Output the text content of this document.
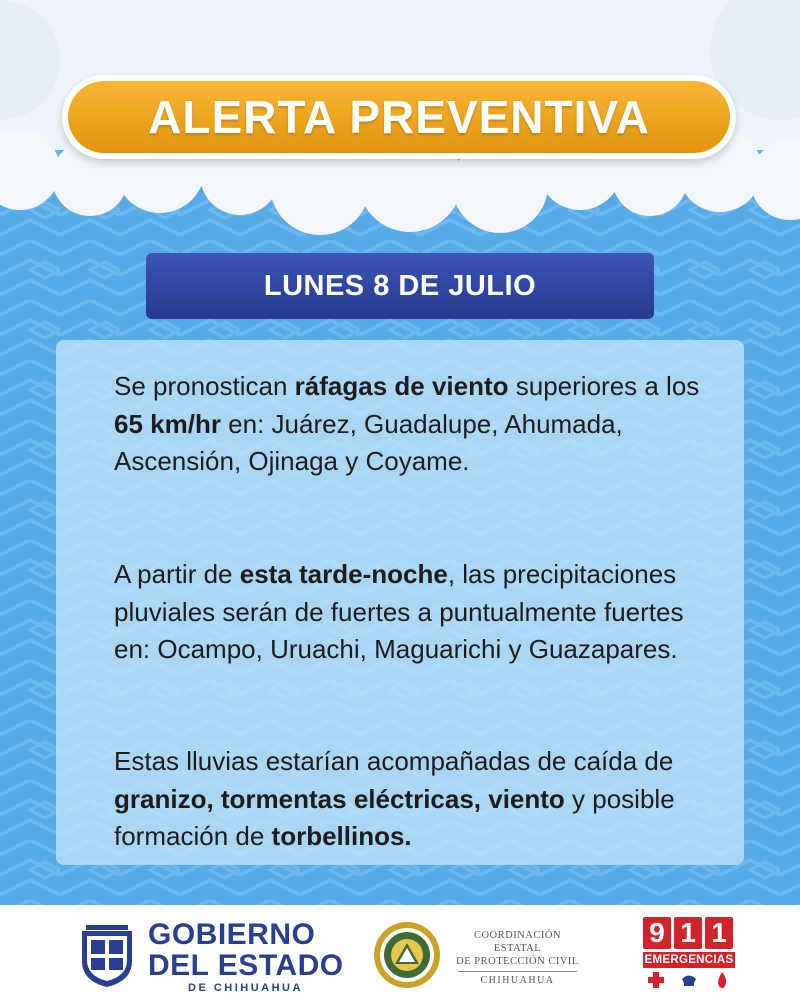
ALERTA PREVENTIVA
LUNES 8 DE JULIO
Se pronostican ráfagas de viento superiores a los 65 km/hr en: Juárez, Guadalupe, Ahumada, Ascensión, Ojinaga y Coyame.
A partir de esta tarde-noche, las precipitaciones pluviales serán de fuertes a puntualmente fuertes en: Ocampo, Uruachi, Maguarichi y Guazapares.
Estas lluvias estarían acompañadas de caída de granizo, tormentas eléctricas, viento y posible formación de torbellinos.
GOBIERNO
DEL ESTADO
DE CHIHUAHUA
COORDINACIÓN ESTATAL
DE PROTECCIÓN CIVIL
CHIHUAHUA
9 1 1
EMERGENCIAS
